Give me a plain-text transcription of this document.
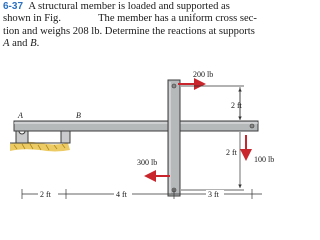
6-37 A structural member is loaded and supported as
shown in Fig.	The member has a uniform cross sec-
tion and weighs 208 lb. Determine the reactions at supports
A and B.
A	B
200 lb
300 lb	100 lb
2 ft
2 ft
2 ft	4 ft	3 ft
